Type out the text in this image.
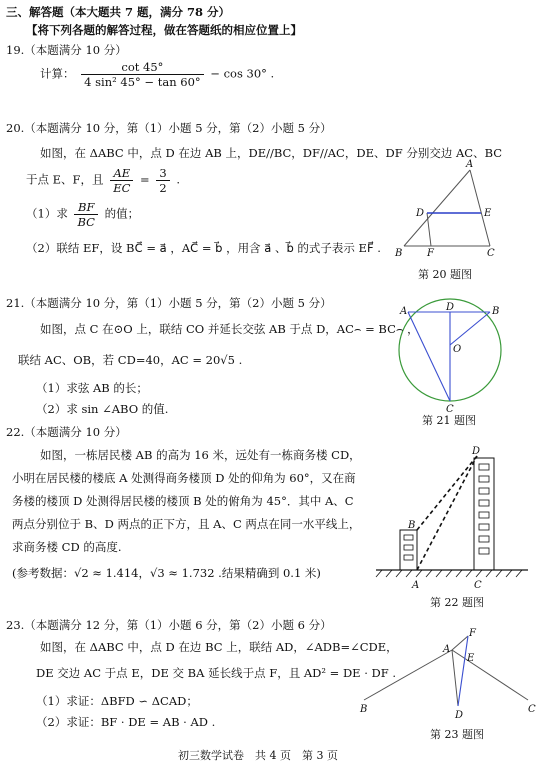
三、解答题（本大题共 7 题，满分 78 分）
【将下列各题的解答过程，做在答题纸的相应位置上】
19.（本题满分 10 分）
计算： $\frac{\cot 45^\circ}{\text{4 sin² 45° − tan 60°}} - \cos 30^\circ$ .
20.（本题满分 10 分，第（1）小题 5 分，第（2）小题 5 分）
如图，在 ΔABC 中，点 D 在边 AB 上，DE//BC，DF//AC，DE、DF 分别交边 AC、BC
于点 E、F，且 $\frac{AE}{EC} = \frac{3}{2}$ .
（1）求 $\frac{BF}{BC}$ 的值；
（2）联结 EF，设 BC⃗ = a⃗ ，AC⃗ = b⃗ ，用含 a⃗ 、b⃗ 的式子表示 EF⃗ .
A
B	C
D	E
F
第 20 题图
A	B
C
D
O
第 21 题图
A
B
C
D
第 22 题图
A
B	C
D
E
F
第 23 题图
21.（本题满分 10 分，第（1）小题 5 分，第（2）小题 5 分）
如图，点 C 在⊙O 上，联结 CO 并延长交弦 AB 于点 D，AC⌢ = BC⌢ ，
联结 AC、OB，若 CD=40，AC = 20√5 .
（1）求弦 AB 的长；
（2）求 sin ∠ABO 的值.
22.（本题满分 10 分）
如图，一栋居民楼 AB 的高为 16 米，远处有一栋商务楼 CD，
小明在居民楼的楼底 A 处测得商务楼顶 D 处的仰角为 60°，又在商
务楼的楼顶 D 处测得居民楼的楼顶 B 处的俯角为 45°．其中 A、C
两点分别位于 B、D 两点的正下方，且 A、C 两点在同一水平线上，
求商务楼 CD 的高度.
(参考数据：√2 ≈ 1.414，√3 ≈ 1.732 .结果精确到 0.1 米)
23.（本题满分 12 分，第（1）小题 6 分，第（2）小题 6 分）
如图，在 ΔABC 中，点 D 在边 BC 上，联结 AD，∠ADB=∠CDE，
DE 交边 AC 于点 E，DE 交 BA 延长线于点 F，且 AD² = DE · DF .
（1）求证：ΔBFD ∽ ΔCAD；
（2）求证：BF · DE = AB · AD .
初三数学试卷　共 4 页　第 3 页
